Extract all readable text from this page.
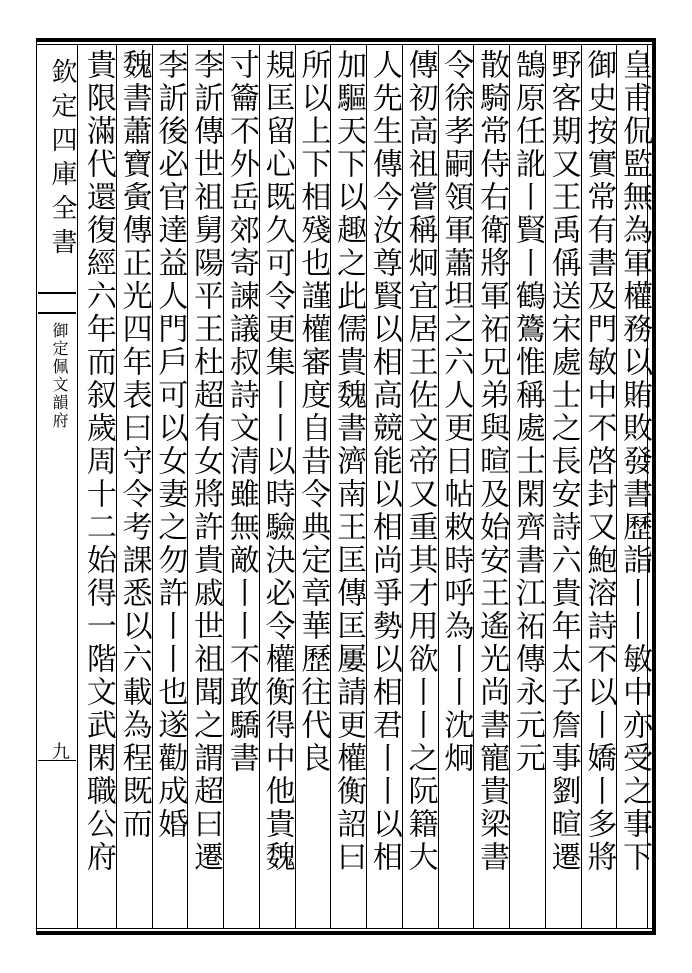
欽定四庫全書
御定佩文韻府
九	皇甫侃監無為軍權務以賄敗發書歷詣丨丨敏中亦受之事下
御史按實常有書及門敏中不啓封又鮑溶詩不以丨嬌丨多將
野客期又王禹偁送宋處士之長安詩六貴年太子詹事劉暄遷
鵠原任訛丨賢丨鶴鷟惟稱處士閑齊書江祏傳永元元
散騎常侍右衛將軍祏兄弟與暄及始安王遙光尚書寵貴梁書
令徐孝嗣領軍蕭坦之六人更日帖敕時呼為丨丨沈炯
傳初高祖嘗稱炯宜居王佐文帝又重其才用欲丨丨之阮籍大
人先生傳今汝尊賢以相高競能以相尚爭勢以相君丨丨以相
加驅天下以趣之此儒貴魏書濟南王匡傳匡屢請更權衡詔曰
所以上下相殘也謹權審度自昔令典定章華歷往代良
規匡留心既久可令更集丨丨以時驗決必令權衡得中他貴魏
寸籥不外岳郊寄諫議叔詩文清雖無敵丨丨不敢驕書
李訢傳世祖舅陽平王杜超有女將許貴戚世祖聞之謂超曰遷
李訢後必官達益人門戶可以女妻之勿許丨丨也遂勸成婚
魏書蕭寶夤傳正光四年表曰守令考課悉以六載為程既而
貴限滿代還復經六年而叙歲周十二始得一階文武閑職公府
